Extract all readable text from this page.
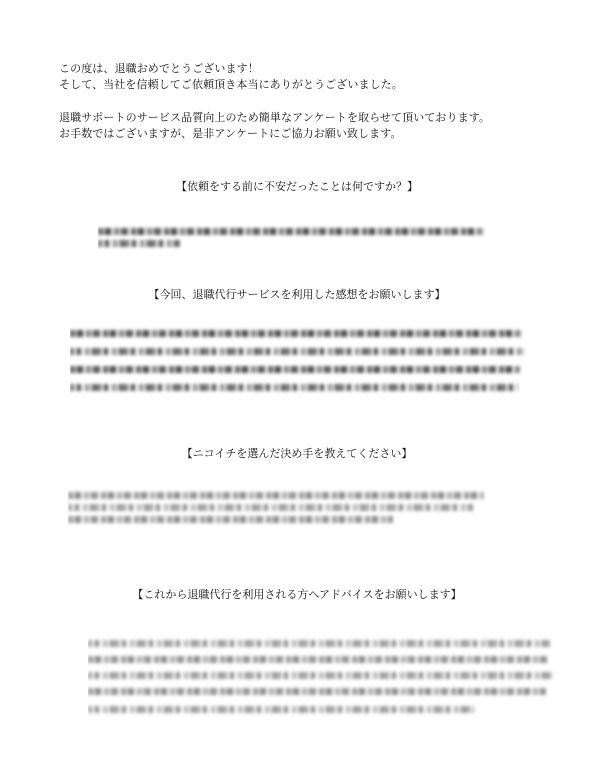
この度は、退職おめでとうございます！
そして、当社を信頼してご依頼頂き本当にありがとうございました。
退職サポートのサービス品質向上のため簡単なアンケートを取らせて頂いております。
お手数ではございますが、是非アンケートにご協力お願い致します。
【依頼をする前に不安だったことは何ですか？】
【今回、退職代行サービスを利用した感想をお願いします】
【ニコイチを選んだ決め手を教えてください】
【これから退職代行を利用される方へアドバイスをお願いします】
